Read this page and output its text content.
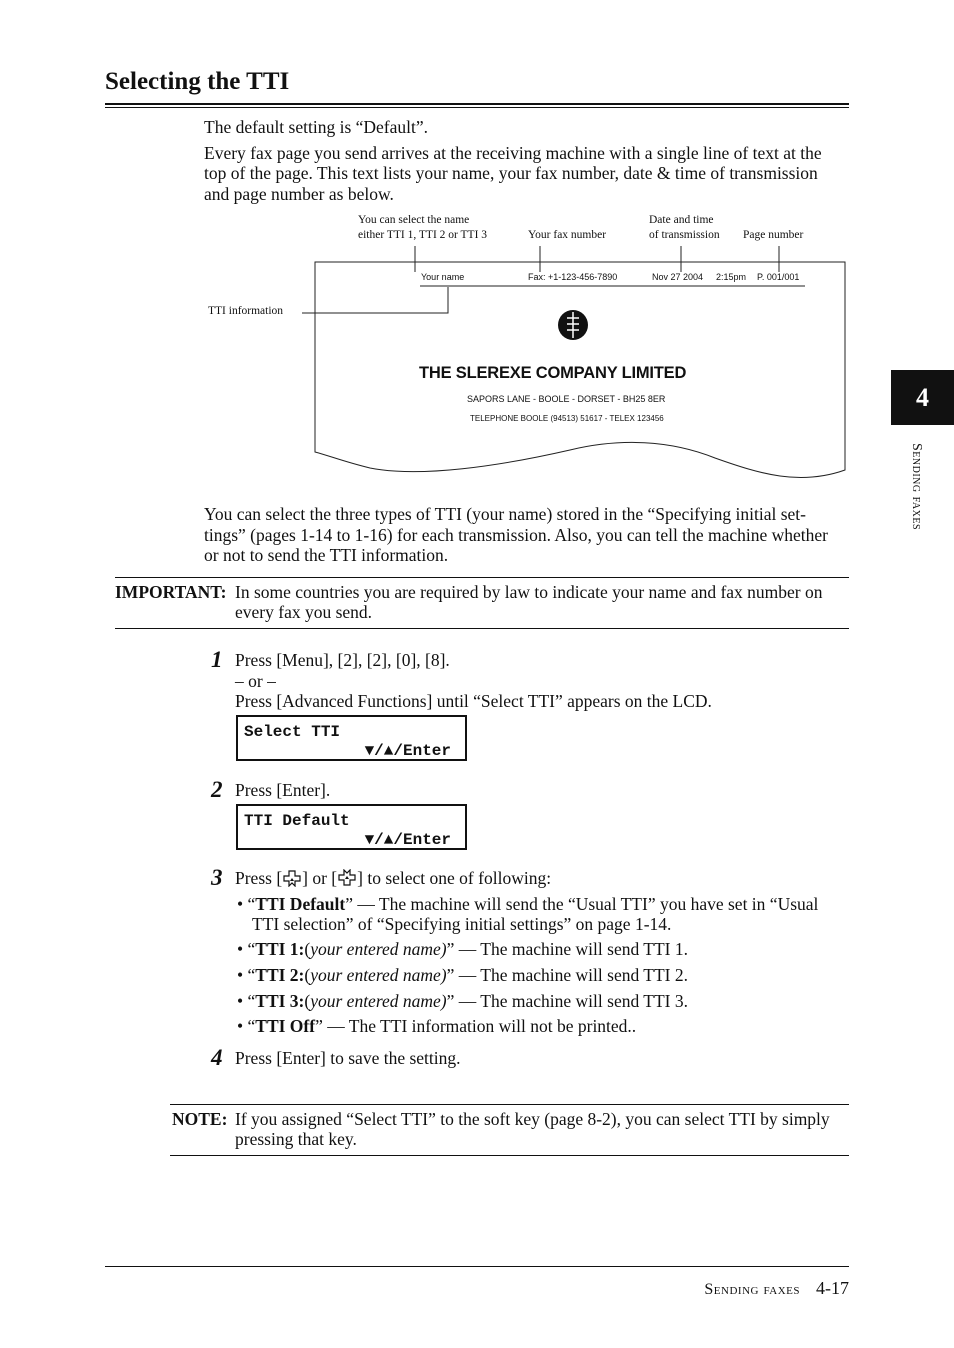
Selecting the TTI
The default setting is “Default”.
Every fax page you send arrives at the receiving machine with a single line of text at the
top of the page. This text lists your name, your fax number, date & time of transmission
and page number as below.
You can select the name
either TTI 1, TTI 2 or TTI 3	Your fax number
Date and time
of transmission Page number
TTI information
Your name	Fax: +1-123-456-7890	Nov 27 2004 2:15pm P. 001/001
THE SLEREXE COMPANY LIMITED
SAPORS LANE - BOOLE - DORSET - BH25 8ER
TELEPHONE BOOLE (94513) 51617 - TELEX 123456
You can select the three types of TTI (your name) stored in the “Specifying initial set-
tings” (pages 1-14 to 1-16) for each transmission. Also, you can tell the machine whether
or not to send the TTI information.
IMPORTANT: In some countries you are required by law to indicate your name and fax number on
every fax you send.
1 Press [Menu], [2], [2], [0], [8].
– or –
Press [Advanced Functions] until “Select TTI” appears on the LCD.
Select TTI
▼/▲/Enter
2 Press [Enter].
TTI Default
▼/▲/Enter
3 Press [ ] or [ ] to select one of following:
• “TTI Default” — The machine will send the “Usual TTI” you have set in “Usual
TTI selection” of “Specifying initial settings” on page 1-14.
• “TTI 1:(your entered name)” — The machine will send TTI 1.
• “TTI 2:(your entered name)” — The machine will send TTI 2.
• “TTI 3:(your entered name)” — The machine will send TTI 3.
• “TTI Off” — The TTI information will not be printed..
4 Press [Enter] to save the setting.
NOTE: If you assigned “Select TTI” to the soft key (page 8-2), you can select TTI by simply
pressing that key.
4
Sending faxes
Sending faxes 4-17
